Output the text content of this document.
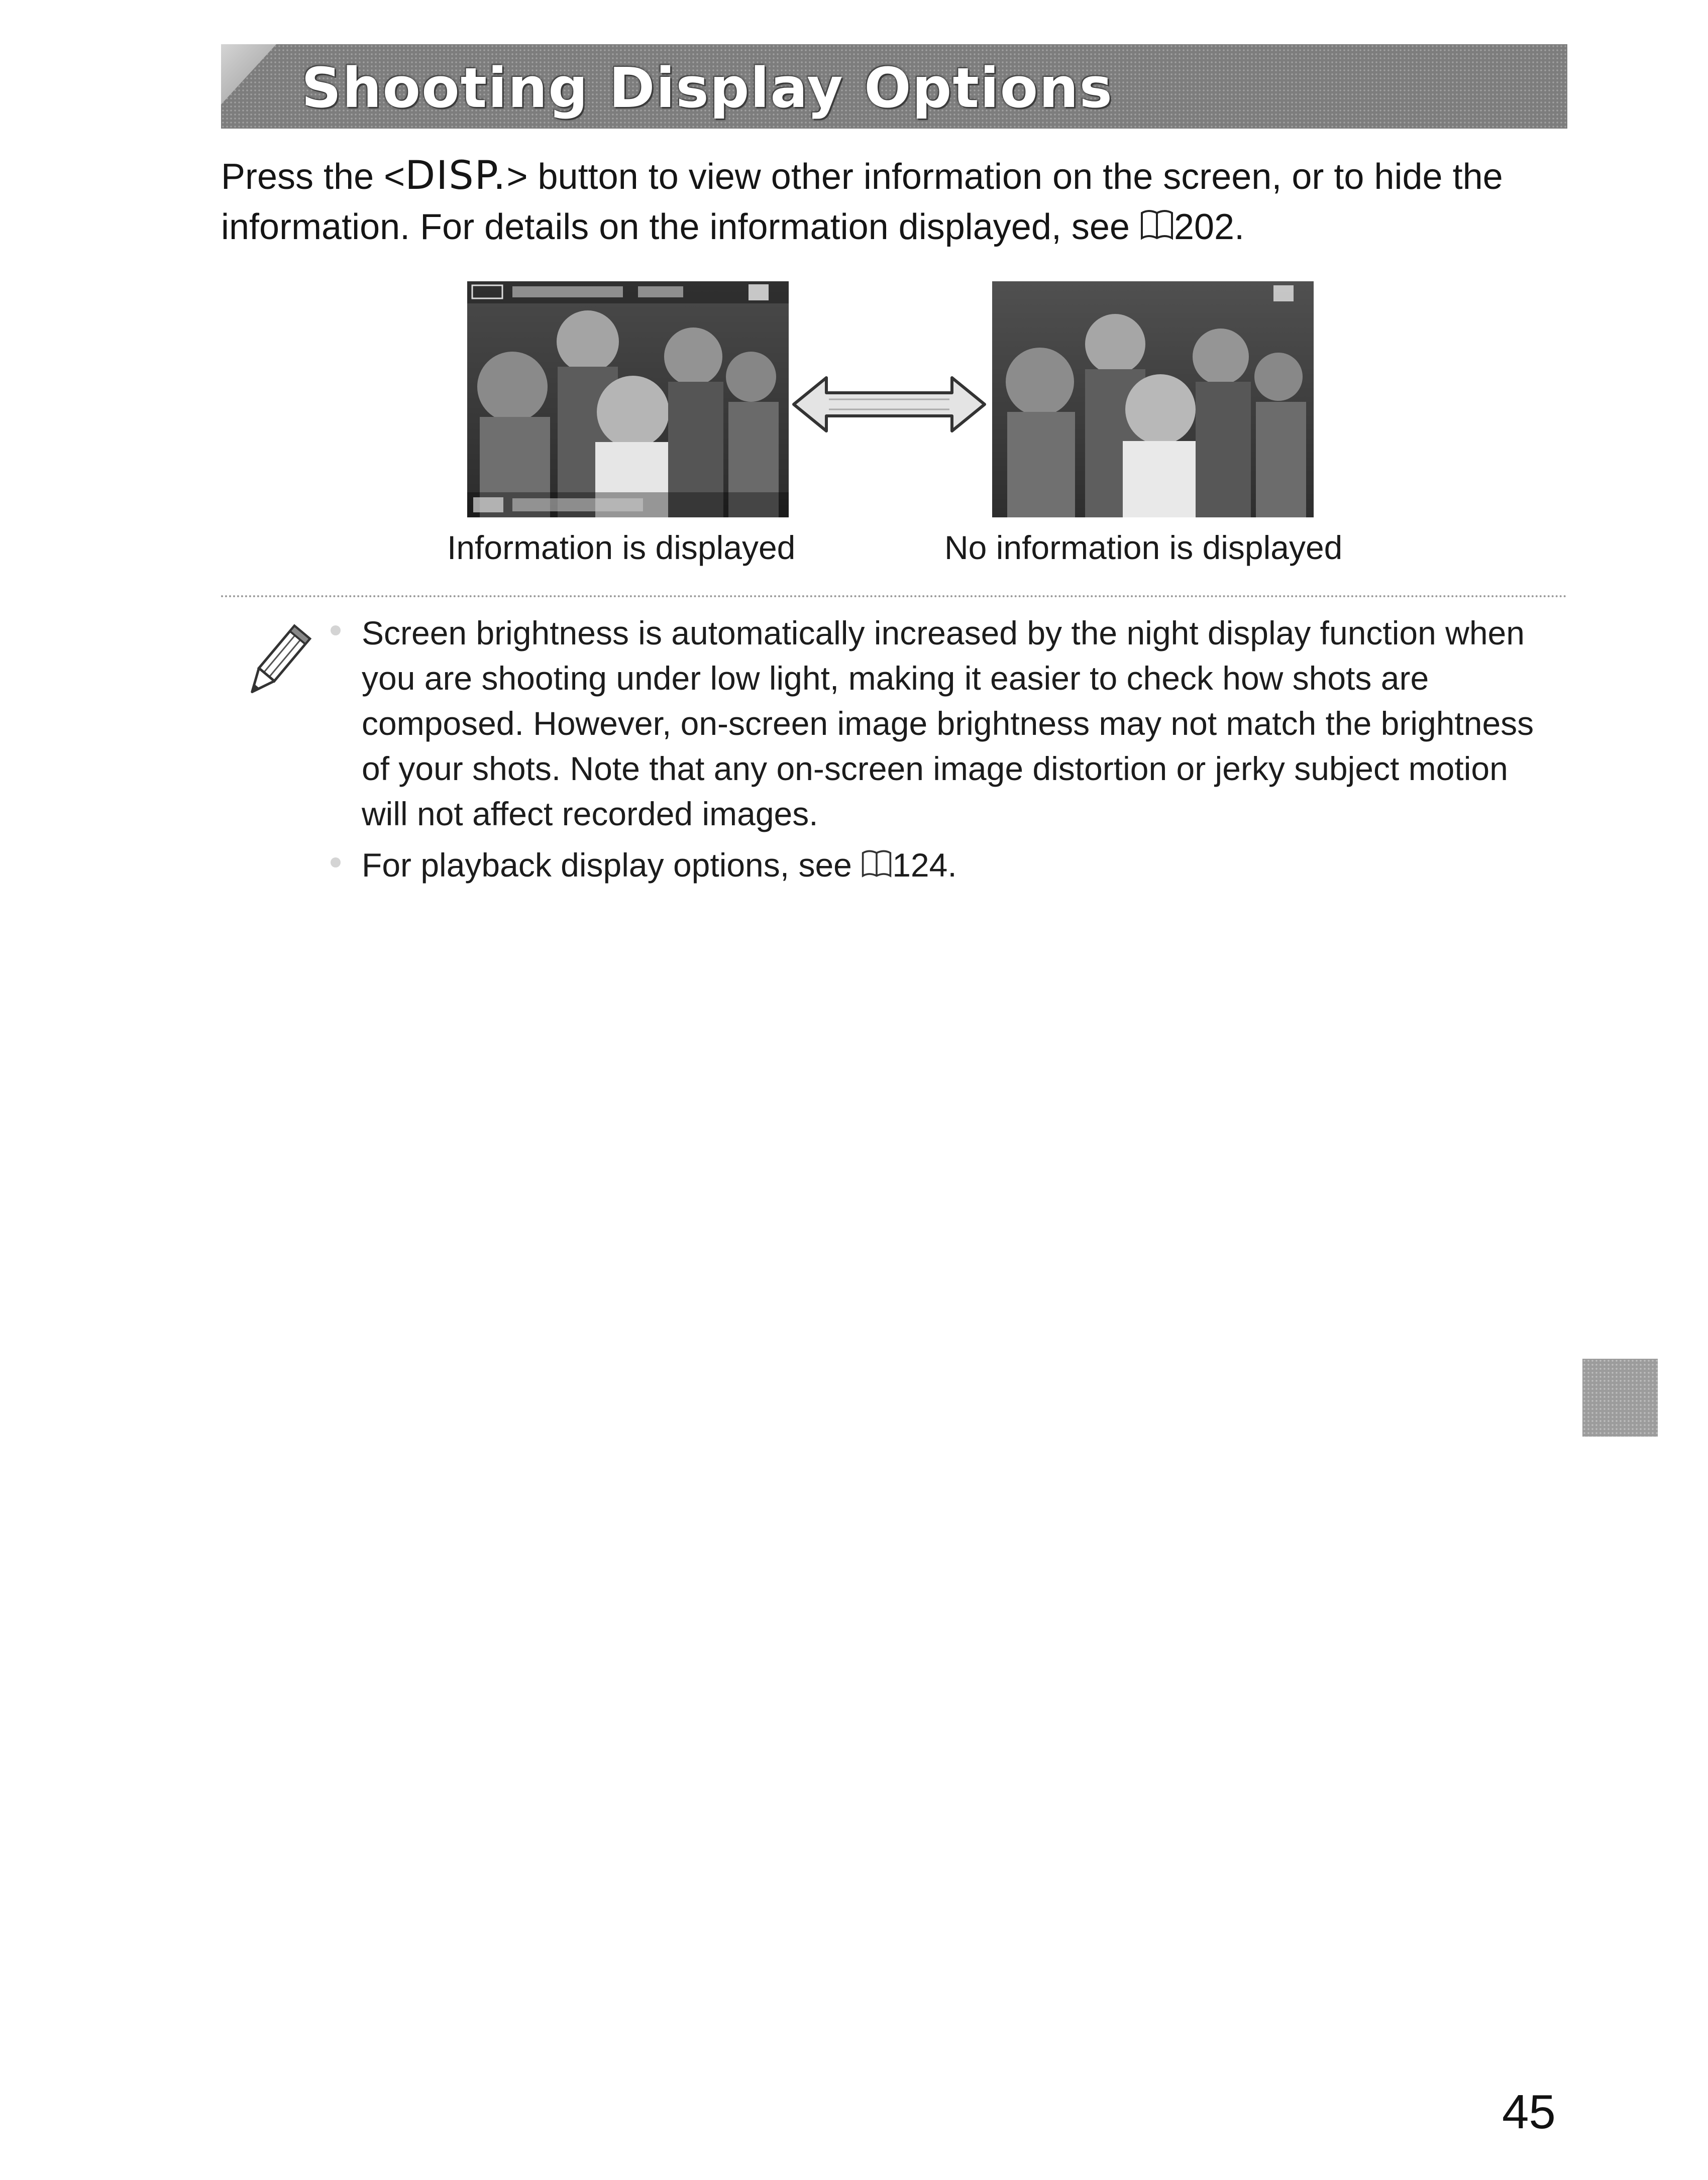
Shooting Display Options

Press the <DISP.> button to view other information on the screen, or to hide the information. For details on the information displayed, see 202.

Information is displayed	No information is displayed
Screen brightness is automatically increased by the night display function when you are shooting under low light, making it easier to check how shots are composed. However, on-screen image brightness may not match the brightness of your shots. Note that any on-screen image distortion or jerky subject motion will not affect recorded images.
For playback display options, see 124.
45
